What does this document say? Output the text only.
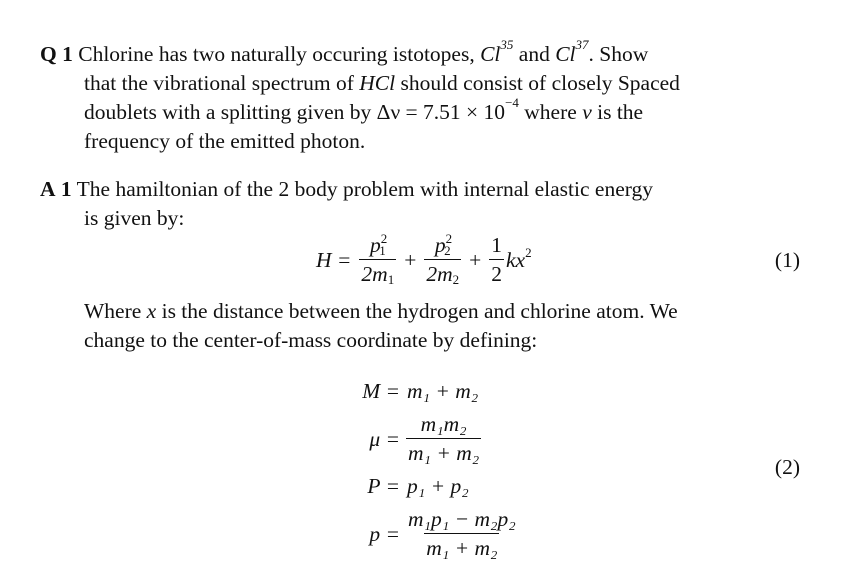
Q 1 Chlorine has two naturally occuring istotopes, Cl$^{35}$ and Cl$^{37}$. Show
that the vibrational spectrum of HCl should consist of closely Spaced
doublets with a splitting given by $\Delta\nu = 7.51 \times 10^{-4}$ where ν is the
frequency of the emitted photon.
A 1 The hamiltonian of the 2 body problem with internal elastic energy
is given by:
$H = \frac{p^2_1}{2m_1} + \frac{p^2_2}{2m_2} + \frac{1}{2} kx^2$	(1)
Where x is the distance between the hydrogen and chlorine atom. We
change to the center-of-mass coordinate by defining:
M = m₁ + m₂
$\mu = \frac{\text{m₁m₂}}{\text{m₁ + m₂}}$
P = p₁ + p₂
$p = \frac{\text{m₁p₁ − m₂p₂}}{\text{m₁ + m₂}}$
(2)
